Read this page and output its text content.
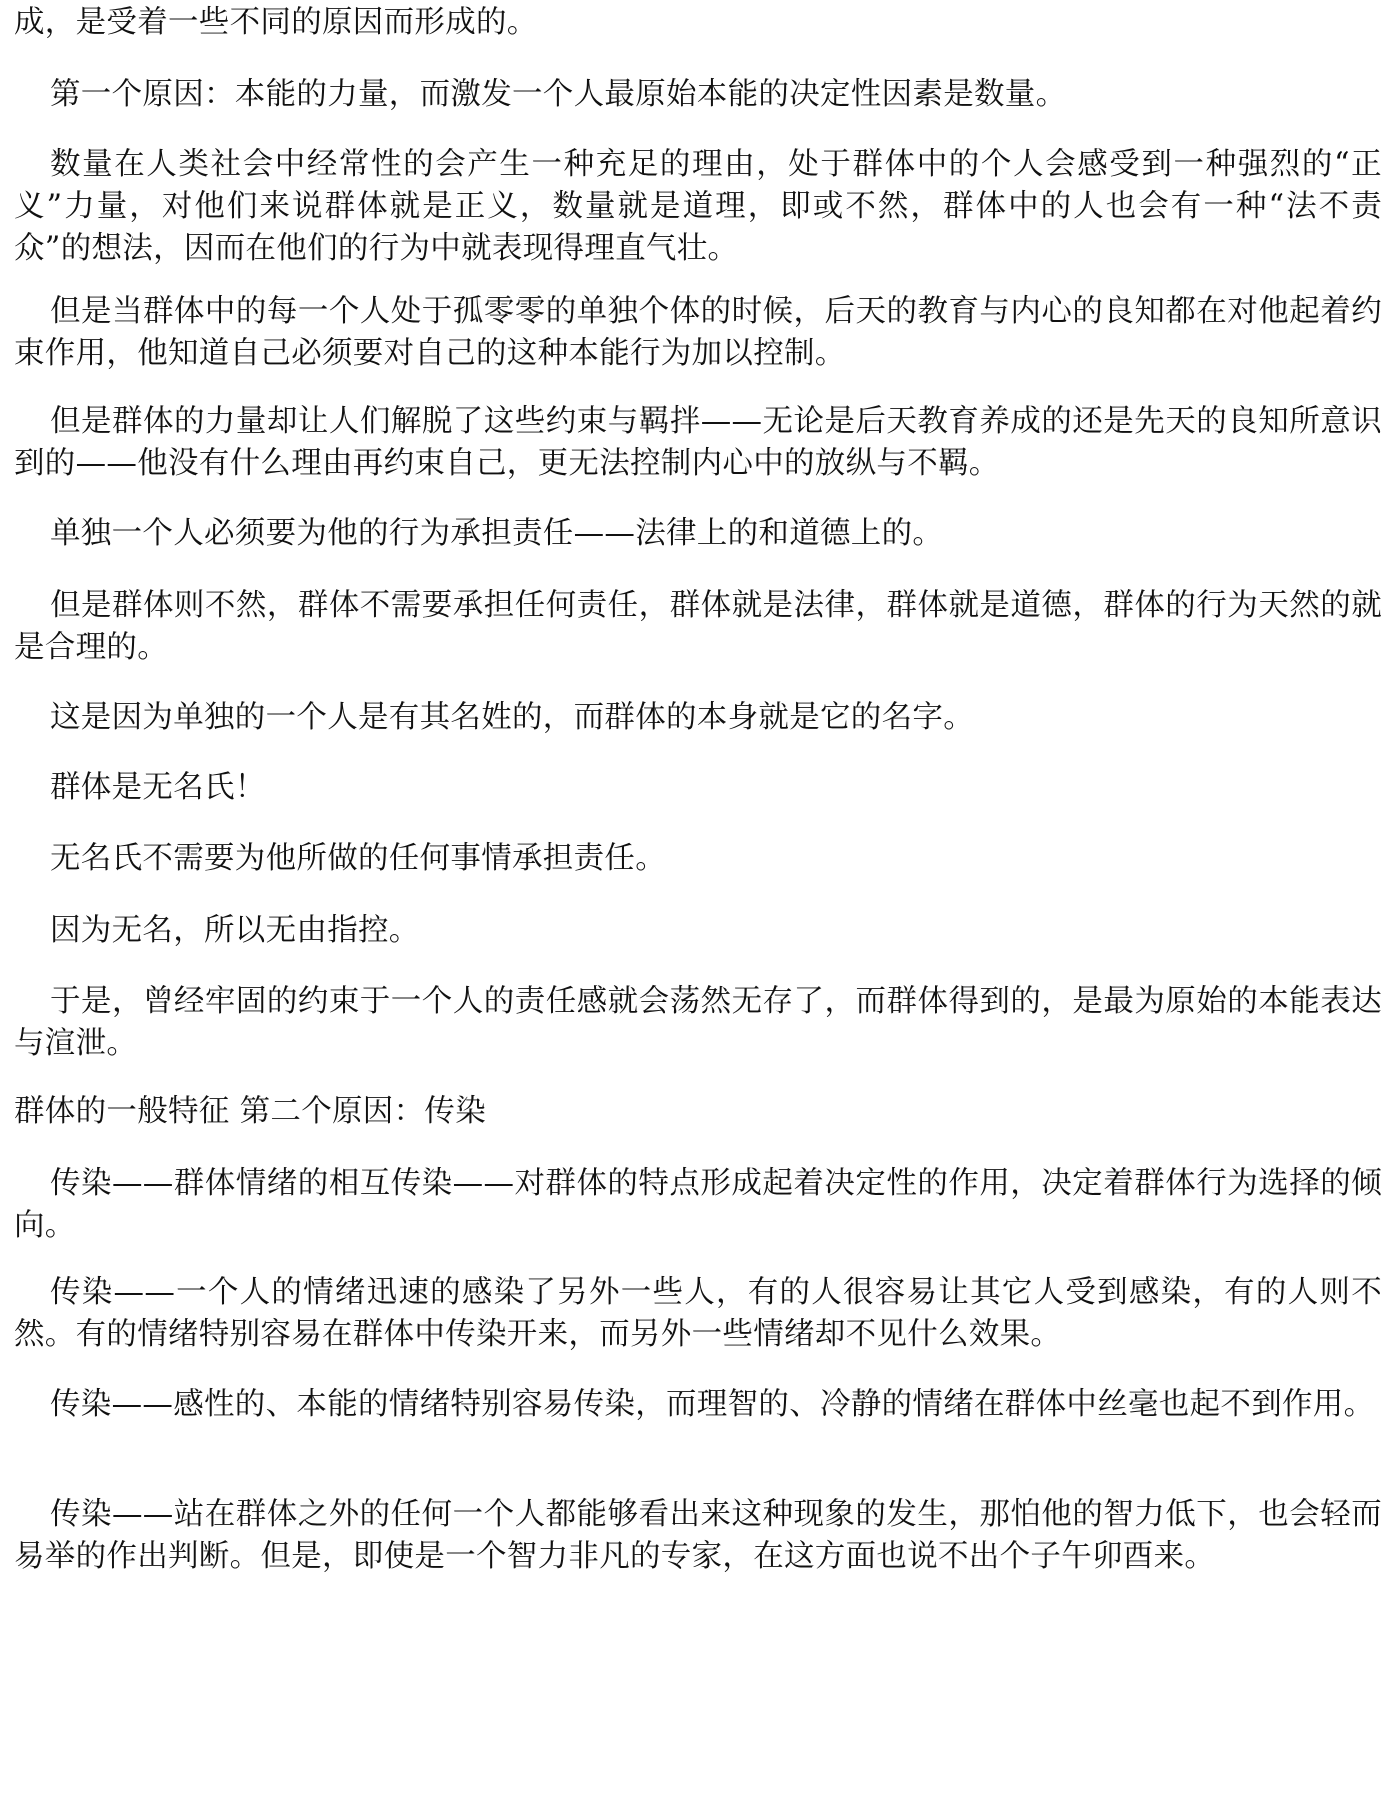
成，是受着一些不同的原因而形成的。

第一个原因：本能的力量，而激发一个人最原始本能的决定性因素是数量。

数量在人类社会中经常性的会产生一种充足的理由，处于群体中的个人会感受到一种强烈的“正义”力量，对他们来说群体就是正义，数量就是道理，即或不然，群体中的人也会有一种“法不责众”的想法，因而在他们的行为中就表现得理直气壮。

但是当群体中的每一个人处于孤零零的单独个体的时候，后天的教育与内心的良知都在对他起着约束作用，他知道自己必须要对自己的这种本能行为加以控制。

但是群体的力量却让人们解脱了这些约束与羁拌——无论是后天教育养成的还是先天的良知所意识到的——他没有什么理由再约束自己，更无法控制内心中的放纵与不羁。

单独一个人必须要为他的行为承担责任——法律上的和道德上的。

但是群体则不然，群体不需要承担任何责任，群体就是法律，群体就是道德，群体的行为天然的就是合理的。

这是因为单独的一个人是有其名姓的，而群体的本身就是它的名字。

群体是无名氏！

无名氏不需要为他所做的任何事情承担责任。

因为无名，所以无由指控。

于是，曾经牢固的约束于一个人的责任感就会荡然无存了，而群体得到的，是最为原始的本能表达与渲泄。

群体的一般特征 第二个原因：传染

传染——群体情绪的相互传染——对群体的特点形成起着决定性的作用，决定着群体行为选择的倾向。

传染——一个人的情绪迅速的感染了另外一些人，有的人很容易让其它人受到感染，有的人则不然。有的情绪特别容易在群体中传染开来，而另外一些情绪却不见什么效果。

传染——感性的、本能的情绪特别容易传染，而理智的、冷静的情绪在群体中丝毫也起不到作用。

传染——站在群体之外的任何一个人都能够看出来这种现象的发生，那怕他的智力低下，也会轻而易举的作出判断。但是，即使是一个智力非凡的专家，在这方面也说不出个子午卯酉来。
